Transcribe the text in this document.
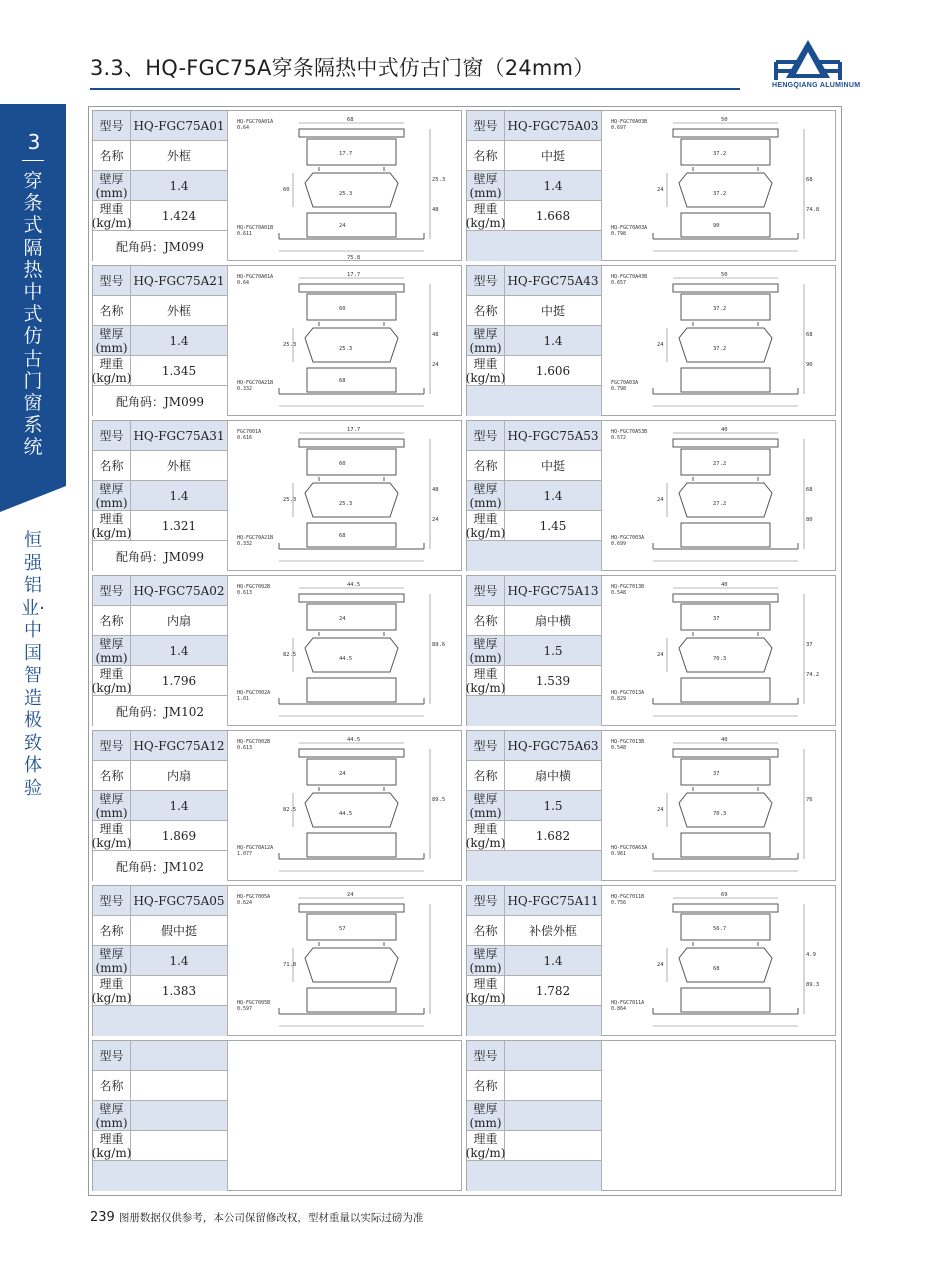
3.3、HQ-FGC75A穿条隔热中式仿古门窗（24mm）
HENGQIANG ALUMINUM
3
穿条式隔热中式仿古门窗系统
恒强铝业·中国智造 极致体验
型号 HQ-FGC75A01
名称	外框
壁厚(mm)	1.4
理重(kg/m)	1.424
配角码：JM099
HQ-FGC70A01A
0.64
HQ-FGC70A01B
0.611
68
17.7
60
25.3
25.3
48
24
75.8
型号 HQ-FGC75A03
名称	中挺
壁厚(mm)	1.4
理重(kg/m)	1.668
HQ-FGC70A03B
0.697
HQ-FGC70A03A
0.798
50
37.2
24
37.2
68
74.8
90
型号 HQ-FGC75A21
名称	外框
壁厚(mm)	1.4
理重(kg/m)	1.345
配角码：JM099
HQ-FGC70A01A
0.64
HQ-FGC70A21B
0.332
17.7
60
25.3
25.3
48
24
68
型号 HQ-FGC75A43
名称	中挺
壁厚(mm)	1.4
理重(kg/m)	1.606
HQ-FGC70A43B
0.657
FGC70A03A
0.798
50
37.2
24
37.2
68
90
型号 HQ-FGC75A31
名称	外框
壁厚(mm)	1.4
理重(kg/m)	1.321
配角码：JM099
FGC7001A
0.616
HQ-FGC70A21B
0.332
17.7
60
25.3
25.3
48
24
68
型号 HQ-FGC75A53
名称	中挺
壁厚(mm)	1.4
理重(kg/m)	1.45
HQ-FGC70A53B
0.572
HQ-FGC7003A
0.699
40
27.2
24
27.2
68
80
型号 HQ-FGC75A02
名称	内扇
壁厚(mm)	1.4
理重(kg/m)	1.796
配角码：JM102
HQ-FGC7002B
0.613
HQ-FGC7002A
1.01
44.5
24
82.5
44.5
89.6
型号 HQ-FGC75A13
名称	扇中横
壁厚(mm)	1.5
理重(kg/m)	1.539
HQ-FGC7013B
0.548
HQ-FGC7013A
0.829
40
37
24
70.3
37
74.2
型号 HQ-FGC75A12
名称	内扇
壁厚(mm)	1.4
理重(kg/m)	1.869
配角码：JM102
HQ-FGC7002B
0.613
HQ-FGC70A12A
1.077
44.5
24
82.5
44.5
89.5
型号 HQ-FGC75A63
名称	扇中横
壁厚(mm)	1.5
理重(kg/m)	1.682
HQ-FGC7013B
0.548
HQ-FGC70A63A
0.961
40
37
24
70.3
76
型号 HQ-FGC75A05
名称	假中挺
壁厚(mm)	1.4
理重(kg/m)	1.383
HQ-FGC7005A
0.624
HQ-FGC7005B
0.597
24
57
71.8
型号 HQ-FGC75A11
名称	补偿外框
壁厚(mm)	1.4
理重(kg/m)	1.782
HQ-FGC7011B
0.756
HQ-FGC7011A
0.864
69
56.7
24
68
4.9
89.3
型号
名称
壁厚(mm)
理重(kg/m)
型号
名称
壁厚(mm)
理重(kg/m)
239 图册数据仅供参考，本公司保留修改权，型材重量以实际过磅为准
